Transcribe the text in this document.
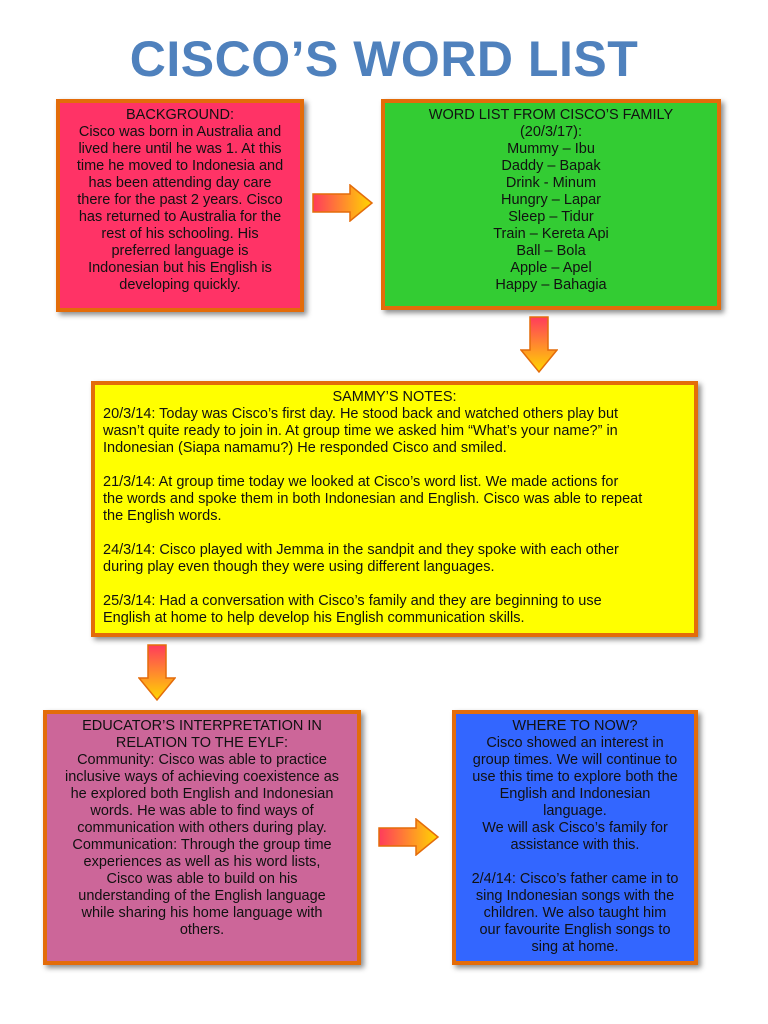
CISCO’S WORD LIST
BACKGROUND:
Cisco was born in Australia and
lived here until he was 1. At this
time he moved to Indonesia and
has been attending day care
there for the past 2 years. Cisco
has returned to Australia for the
rest of his schooling. His
preferred language is
Indonesian but his English is
developing quickly.
WORD LIST FROM CISCO’S FAMILY
(20/3/17):
Mummy – Ibu
Daddy – Bapak
Drink - Minum
Hungry – Lapar
Sleep – Tidur
Train – Kereta Api
Ball – Bola
Apple – Apel
Happy – Bahagia
SAMMY’S NOTES:
20/3/14: Today was Cisco’s first day. He stood back and watched others play but
wasn’t quite ready to join in. At group time we asked him “What’s your name?” in
Indonesian (Siapa namamu?) He responded Cisco and smiled.
21/3/14: At group time today we looked at Cisco’s word list. We made actions for
the words and spoke them in both Indonesian and English. Cisco was able to repeat
the English words.
24/3/14: Cisco played with Jemma in the sandpit and they spoke with each other
during play even though they were using different languages.
25/3/14: Had a conversation with Cisco’s family and they are beginning to use
English at home to help develop his English communication skills.
EDUCATOR’S INTERPRETATION IN
RELATION TO THE EYLF:
Community: Cisco was able to practice
inclusive ways of achieving coexistence as
he explored both English and Indonesian
words. He was able to find ways of
communication with others during play.
Communication: Through the group time
experiences as well as his word lists,
Cisco was able to build on his
understanding of the English language
while sharing his home language with
others.
WHERE TO NOW?
Cisco showed an interest in
group times. We will continue to
use this time to explore both the
English and Indonesian
language.
We will ask Cisco’s family for
assistance with this.
2/4/14: Cisco’s father came in to
sing Indonesian songs with the
children. We also taught him
our favourite English songs to
sing at home.
